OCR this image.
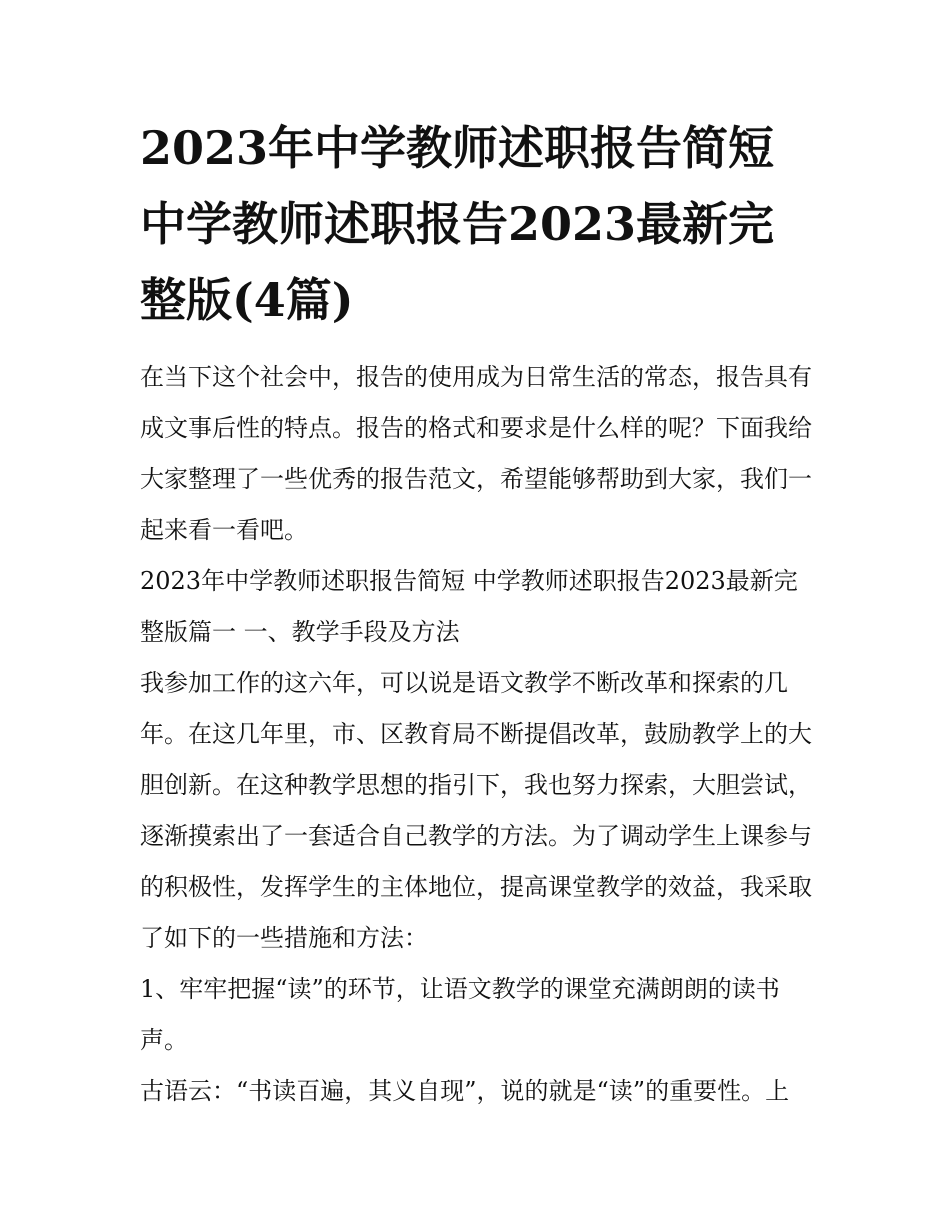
2023年中学教师述职报告简短 中学教师述职报告2023最新完整版(4篇)

在当下这个社会中，报告的使用成为日常生活的常态，报告具有成文事后性的特点。报告的格式和要求是什么样的呢？下面我给大家整理了一些优秀的报告范文，希望能够帮助到大家，我们一起来看一看吧。

2023年中学教师述职报告简短 中学教师述职报告2023最新完整版篇一 一、教学手段及方法

我参加工作的这六年，可以说是语文教学不断改革和探索的几年。在这几年里，市、区教育局不断提倡改革，鼓励教学上的大胆创新。在这种教学思想的指引下，我也努力探索，大胆尝试，逐渐摸索出了一套适合自己教学的方法。为了调动学生上课参与的积极性，发挥学生的主体地位，提高课堂教学的效益，我采取了如下的一些措施和方法：

1、牢牢把握“读”的环节，让语文教学的课堂充满朗朗的读书声。

古语云：“书读百遍，其义自现”，说的就是“读”的重要性。上
